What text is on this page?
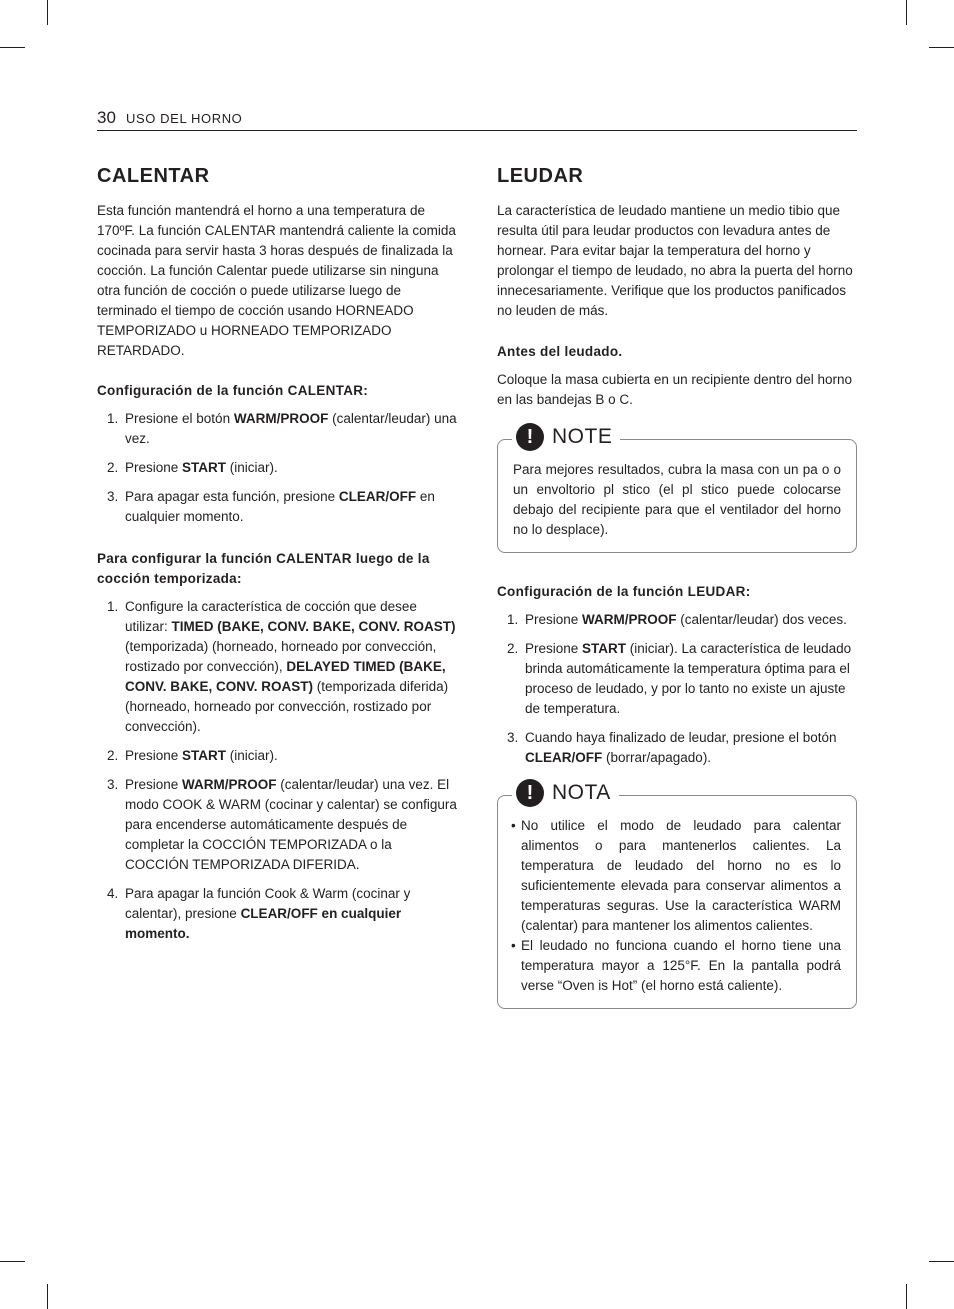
30 USO DEL HORNO
CALENTAR

Esta función mantendrá el horno a una temperatura de 170ºF. La función CALENTAR mantendrá caliente la comida cocinada para servir hasta 3 horas después de finalizada la cocción. La función Calentar puede utilizarse sin ninguna otra función de cocción o puede utilizarse luego de terminado el tiempo de cocción usando HORNEADO TEMPORIZADO u HORNEADO TEMPORIZADO RETARDADO.

Configuración de la función CALENTAR:

1. Presione el botón WARM/PROOF (calentar/leudar) una vez.
2. Presione START (iniciar).
3. Para apagar esta función, presione CLEAR/OFF en cualquier momento.

Para configurar la función CALENTAR luego de la cocción temporizada:

1. Configure la característica de cocción que desee utilizar: TIMED (BAKE, CONV. BAKE, CONV. ROAST) (temporizada) (horneado, horneado por convección, rostizado por convección), DELAYED TIMED (BAKE, CONV. BAKE, CONV. ROAST) (temporizada diferida) (horneado, horneado por convección, rostizado por convección).
2. Presione START (iniciar).
3. Presione WARM/PROOF (calentar/leudar) una vez. El modo COOK & WARM (cocinar y calentar) se configura para encenderse automáticamente después de completar la COCCIÓN TEMPORIZADA o la COCCIÓN TEMPORIZADA DIFERIDA.
4. Para apagar la función Cook & Warm (cocinar y calentar), presione CLEAR/OFF en cualquier momento.
LEUDAR

La característica de leudado mantiene un medio tibio que resulta útil para leudar productos con levadura antes de hornear. Para evitar bajar la temperatura del horno y prolongar el tiempo de leudado, no abra la puerta del horno innecesariamente. Verifique que los productos panificados no leuden de más.

Antes del leudado.

Coloque la masa cubierta en un recipiente dentro del horno en las bandejas B o C.

! NOTE

Para mejores resultados, cubra la masa con un pa o o un envoltorio pl stico (el pl stico puede colocarse debajo del recipiente para que el ventilador del horno no lo desplace).

Configuración de la función LEUDAR:

1. Presione WARM/PROOF (calentar/leudar) dos veces.
2. Presione START (iniciar). La característica de leudado brinda automáticamente la temperatura óptima para el proceso de leudado, y por lo tanto no existe un ajuste de temperatura.
3. Cuando haya finalizado de leudar, presione el botón CLEAR/OFF (borrar/apagado).
! NOTA
• No utilice el modo de leudado para calentar alimentos o para mantenerlos calientes. La temperatura de leudado del horno no es lo suficientemente elevada para conservar alimentos a temperaturas seguras. Use la característica WARM (calentar) para mantener los alimentos calientes.
• El leudado no funciona cuando el horno tiene una temperatura mayor a 125°F. En la pantalla podrá verse “Oven is Hot” (el horno está caliente).
